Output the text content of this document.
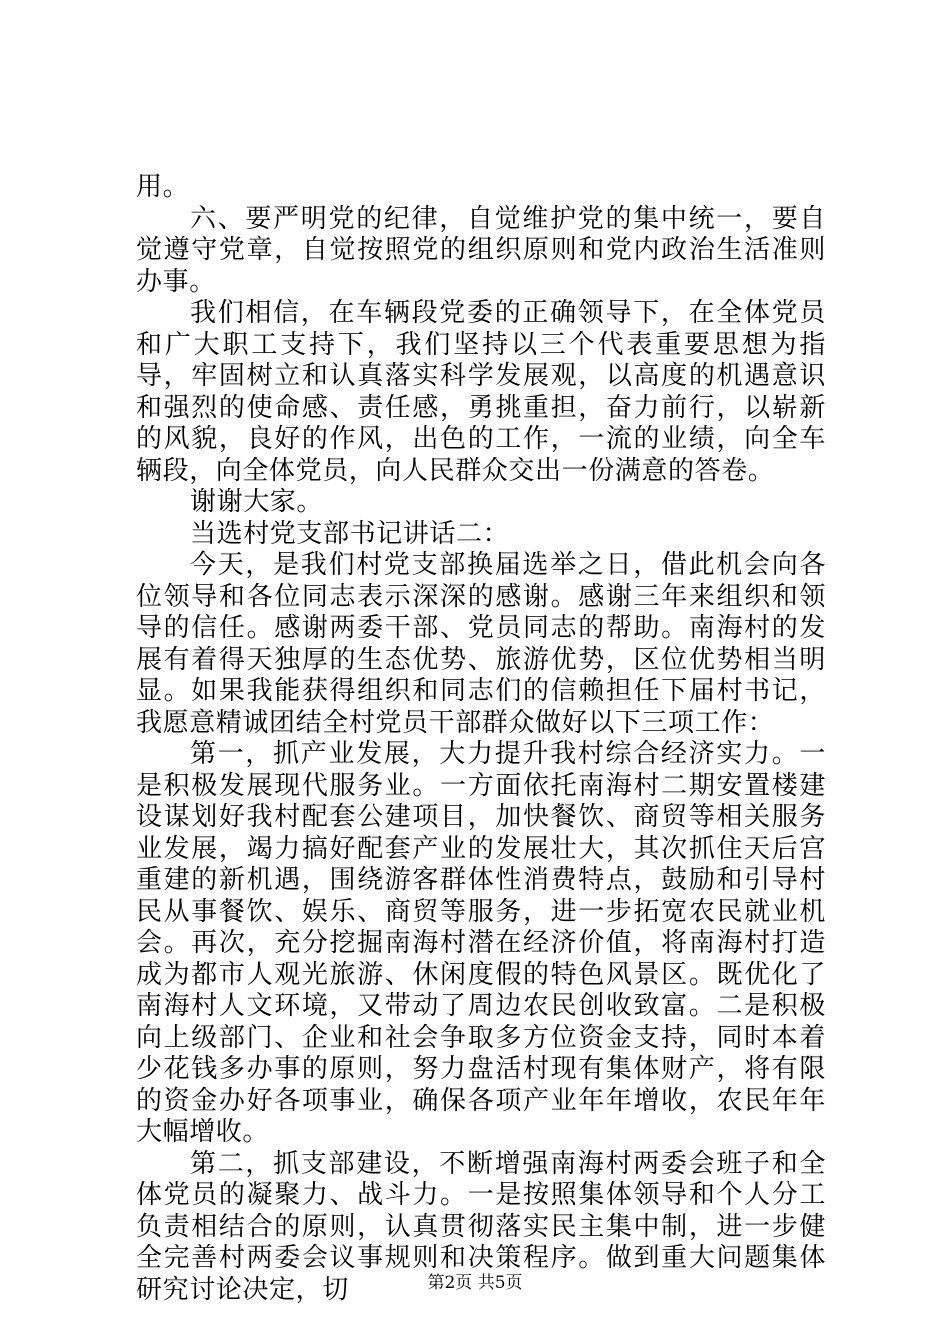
用。

六、要严明党的纪律，自觉维护党的集中统一，要自觉遵守党章，自觉按照党的组织原则和党内政治生活准则办事。

我们相信，在车辆段党委的正确领导下，在全体党员和广大职工支持下，我们坚持以三个代表重要思想为指导，牢固树立和认真落实科学发展观，以高度的机遇意识和强烈的使命感、责任感，勇挑重担，奋力前行，以崭新的风貌，良好的作风，出色的工作，一流的业绩，向全车辆段，向全体党员，向人民群众交出一份满意的答卷。

谢谢大家。

当选村党支部书记讲话二：

今天，是我们村党支部换届选举之日，借此机会向各位领导和各位同志表示深深的感谢。感谢三年来组织和领导的信任。感谢两委干部、党员同志的帮助。南海村的发展有着得天独厚的生态优势、旅游优势，区位优势相当明显。如果我能获得组织和同志们的信赖担任下届村书记，我愿意精诚团结全村党员干部群众做好以下三项工作：

第一，抓产业发展，大力提升我村综合经济实力。一是积极发展现代服务业。一方面依托南海村二期安置楼建设谋划好我村配套公建项目，加快餐饮、商贸等相关服务业发展，竭力搞好配套产业的发展壮大，其次抓住天后宫重建的新机遇，围绕游客群体性消费特点，鼓励和引导村民从事餐饮、娱乐、商贸等服务，进一步拓宽农民就业机会。再次，充分挖掘南海村潜在经济价值，将南海村打造成为都市人观光旅游、休闲度假的特色风景区。既优化了南海村人文环境，又带动了周边农民创收致富。二是积极向上级部门、企业和社会争取多方位资金支持，同时本着少花钱多办事的原则，努力盘活村现有集体财产，将有限的资金办好各项事业，确保各项产业年年增收，农民年年大幅增收。

第二，抓支部建设，不断增强南海村两委会班子和全体党员的凝聚力、战斗力。一是按照集体领导和个人分工负责相结合的原则，认真贯彻落实民主集中制，进一步健全完善村两委会议事规则和决策程序。做到重大问题集体研究讨论决定，切	第2页 共5页
